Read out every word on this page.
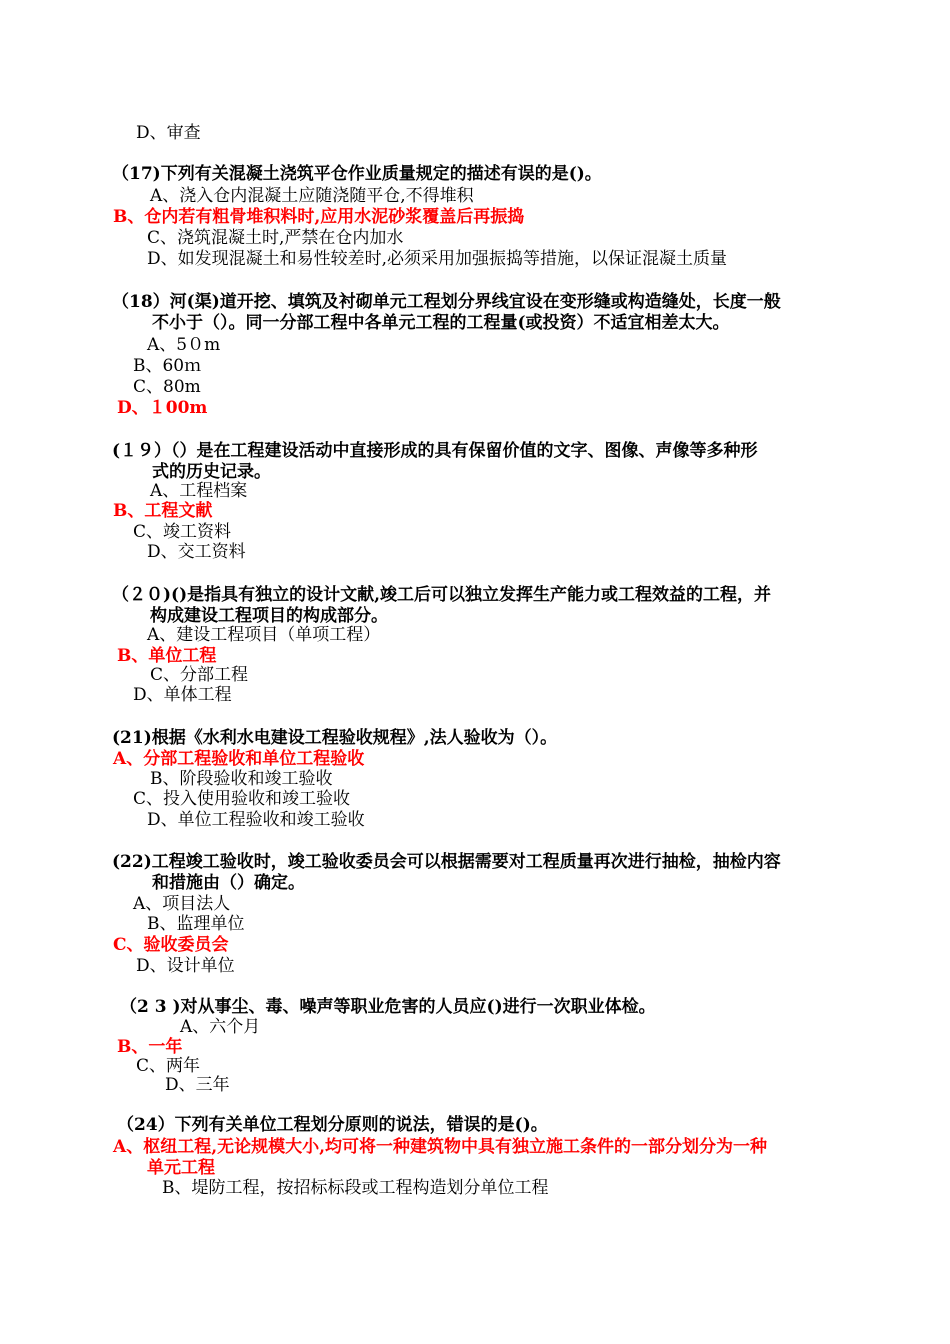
D、审查
（17)下列有关混凝土浇筑平仓作业质量规定的描述有误的是()。
A、浇入仓内混凝土应随浇随平仓,不得堆积
B、仓内若有粗骨堆积料时,应用水泥砂浆覆盖后再振捣
C、浇筑混凝土时,严禁在仓内加水
D、如发现混凝土和易性较差时,必须采用加强振捣等措施，以保证混凝土质量
（18）河(渠)道开挖、填筑及衬砌单元工程划分界线宜设在变形缝或构造缝处，长度一般
不小于（）。同一分部工程中各单元工程的工程量(或投资）不适宜相差太大。
A、5０m
B、60ｍ
C、80m
D、１00m
(１９）（）是在工程建设活动中直接形成的具有保留价值的文字、图像、声像等多种形
式的历史记录。
A、工程档案
B、工程文献
C、竣工资料
D、交工资料
（２０)()是指具有独立的设计文献,竣工后可以独立发挥生产能力或工程效益的工程，并
构成建设工程项目的构成部分。
A、建设工程项目（单项工程）
B、单位工程
C、分部工程
D、单体工程
(21)根据《水利水电建设工程验收规程》,法人验收为（）。
A、分部工程验收和单位工程验收
B、阶段验收和竣工验收
C、投入使用验收和竣工验收
D、单位工程验收和竣工验收
(22)工程竣工验收时，竣工验收委员会可以根据需要对工程质量再次进行抽检，抽检内容
和措施由（）确定。
A、项目法人
B、监理单位
C、验收委员会
D、设计单位
（2 3 )对从事尘、毒、噪声等职业危害的人员应()进行一次职业体检。
A、六个月
B、一年
C、两年
D、三年
（24）下列有关单位工程划分原则的说法，错误的是()。
A、枢纽工程,无论规模大小,均可将一种建筑物中具有独立施工条件的一部分划分为一种
单元工程
B、堤防工程，按招标标段或工程构造划分单位工程
